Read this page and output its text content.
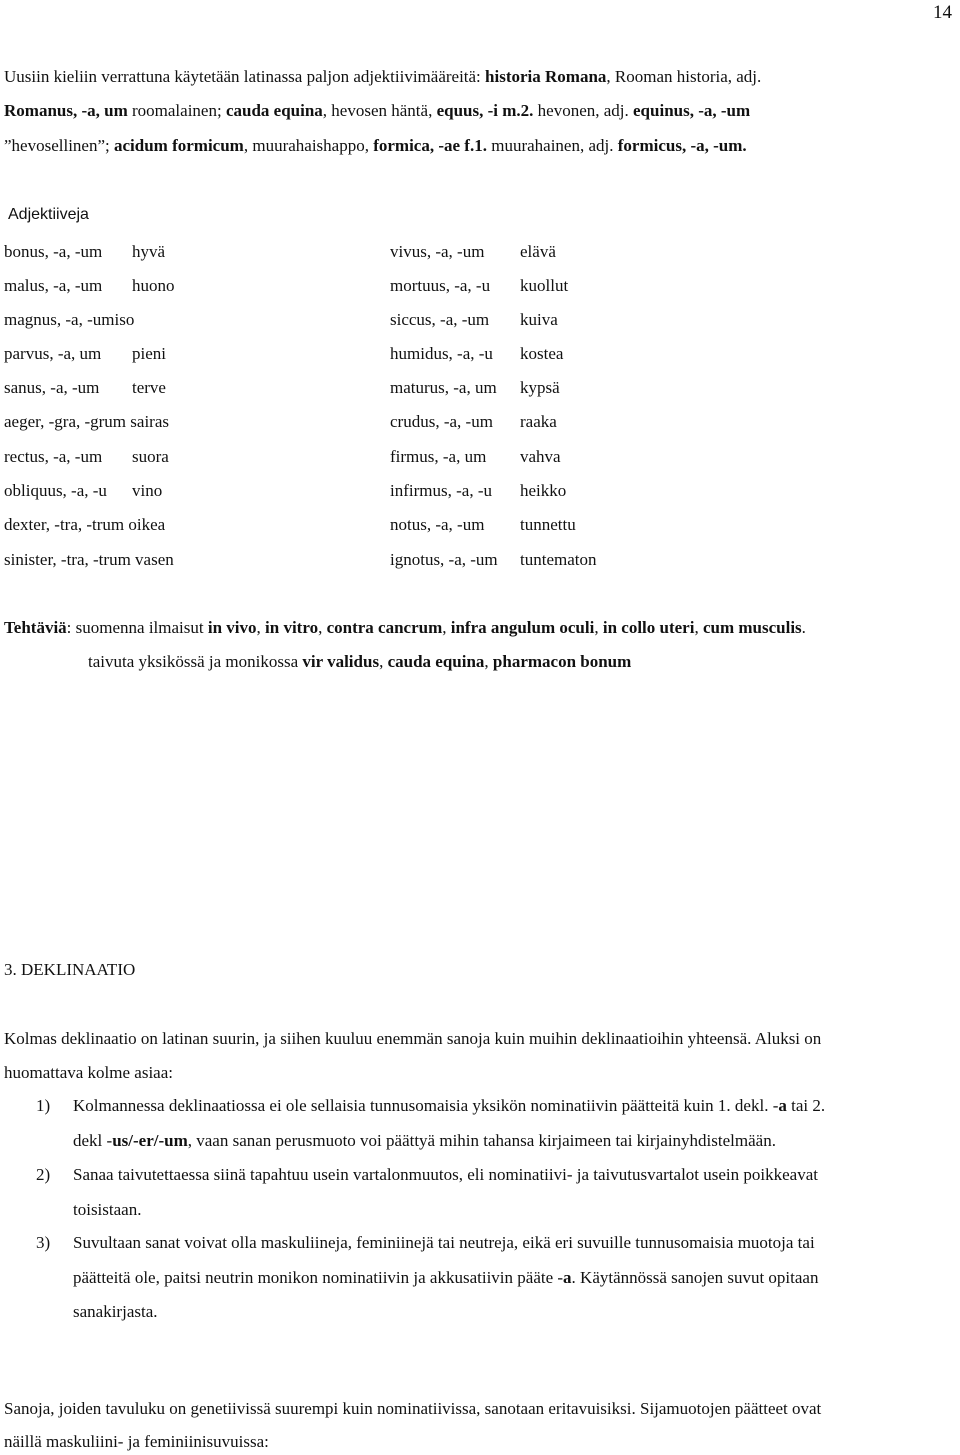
14
Uusiin kieliin verrattuna käytetään latinassa paljon adjektiivimääreitä: historia Romana, Rooman historia, adj.
Romanus, -a, um roomalainen; cauda equina, hevosen häntä, equus, -i m.2. hevonen, adj. equinus, -a, -um
”hevosellinen”; acidum formicum, muurahaishappo, formica, -ae f.1. muurahainen, adj. formicus, -a, -um.
Adjektiiveja
bonus, -a, -um hyvä
malus, -a, -um huono
magnus, -a, -umiso
parvus, -a, um pieni
sanus, -a, -um terve
aeger, -gra, -grum sairas
rectus, -a, -um suora
obliquus, -a, -u vino
dexter, -tra, -trum oikea
sinister, -tra, -trum vasen
vivus, -a, -um elävä
mortuus, -a, -u kuollut
siccus, -a, -um kuiva
humidus, -a, -u kostea
maturus, -a, um kypsä
crudus, -a, -um raaka
firmus, -a, um vahva
infirmus, -a, -u heikko
notus, -a, -um tunnettu
ignotus, -a, -um tuntematon
Tehtäviä: suomenna ilmaisut in vivo, in vitro, contra cancrum, infra angulum oculi, in collo uteri, cum musculis.
taivuta yksikössä ja monikossa vir validus, cauda equina, pharmacon bonum
3. DEKLINAATIO
Kolmas deklinaatio on latinan suurin, ja siihen kuuluu enemmän sanoja kuin muihin deklinaatioihin yhteensä. Aluksi on
huomattava kolme asiaa:
1) Kolmannessa deklinaatiossa ei ole sellaisia tunnusomaisia yksikön nominatiivin päätteitä kuin 1. dekl. -a tai 2.
dekl -us/-er/-um, vaan sanan perusmuoto voi päättyä mihin tahansa kirjaimeen tai kirjainyhdistelmään.
2) Sanaa taivutettaessa siinä tapahtuu usein vartalonmuutos, eli nominatiivi- ja taivutusvartalot usein poikkeavat
toisistaan.
3) Suvultaan sanat voivat olla maskuliineja, feminiinejä tai neutreja, eikä eri suvuille tunnusomaisia muotoja tai
päätteitä ole, paitsi neutrin monikon nominatiivin ja akkusatiivin pääte -a. Käytännössä sanojen suvut opitaan
sanakirjasta.
Sanoja, joiden tavuluku on genetiivissä suurempi kuin nominatiivissa, sanotaan eritavuisiksi. Sijamuotojen päätteet ovat
näillä maskuliini- ja feminiinisuvuissa:
